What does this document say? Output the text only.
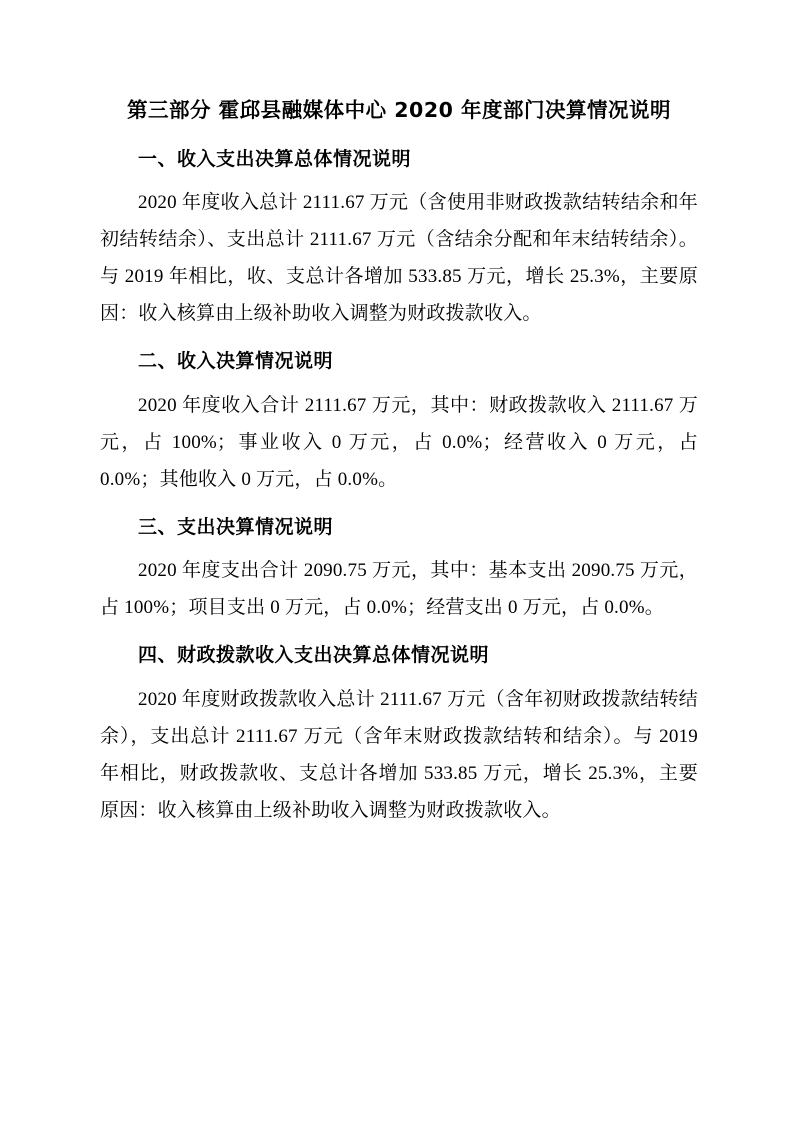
第三部分 霍邱县融媒体中心 2020 年度部门决算情况说明
一、收入支出决算总体情况说明

2020 年度收入总计 2111.67 万元（含使用非财政拨款结转结余和年初结转结余）、支出总计 2111.67 万元（含结余分配和年末结转结余）。与 2019 年相比，收、支总计各增加 533.85 万元，增长 25.3%，主要原因：收入核算由上级补助收入调整为财政拨款收入。

二、收入决算情况说明

2020 年度收入合计 2111.67 万元，其中：财政拨款收入 2111.67 万元，占 100%；事业收入 0 万元，占 0.0%；经营收入 0 万元，占 0.0%；其他收入 0 万元，占 0.0%。

三、支出决算情况说明

2020 年度支出合计 2090.75 万元，其中：基本支出 2090.75 万元，占 100%；项目支出 0 万元，占 0.0%；经营支出 0 万元，占 0.0%。

四、财政拨款收入支出决算总体情况说明

2020 年度财政拨款收入总计 2111.67 万元（含年初财政拨款结转结余），支出总计 2111.67 万元（含年末财政拨款结转和结余）。与 2019 年相比，财政拨款收、支总计各增加 533.85 万元，增长 25.3%，主要原因：收入核算由上级补助收入调整为财政拨款收入。
